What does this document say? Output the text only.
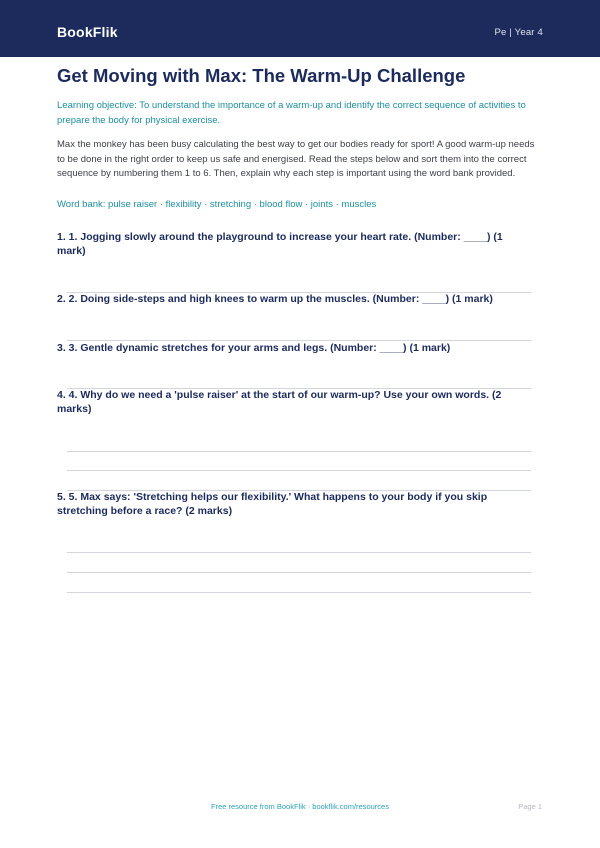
BookFlik	Pe | Year 4
Get Moving with Max: The Warm-Up Challenge

Learning objective: To understand the importance of a warm-up and identify the correct sequence of activities to prepare the body for physical exercise.

Max the monkey has been busy calculating the best way to get our bodies ready for sport! A good warm-up needs to be done in the right order to keep us safe and energised. Read the steps below and sort them into the correct sequence by numbering them 1 to 6. Then, explain why each step is important using the word bank provided.

Word bank: pulse raiser · flexibility · stretching · blood flow · joints · muscles

1. 1. Jogging slowly around the playground to increase your heart rate. (Number: ____) (1 mark)

2. 2. Doing side-steps and high knees to warm up the muscles. (Number: ____) (1 mark)

3. 3. Gentle dynamic stretches for your arms and legs. (Number: ____) (1 mark)

4. 4. Why do we need a 'pulse raiser' at the start of our warm-up? Use your own words. (2 marks)

5. 5. Max says: 'Stretching helps our flexibility.' What happens to your body if you skip stretching before a race? (2 marks)

Free resource from BookFlik · bookflik.com/resources	Page 1
